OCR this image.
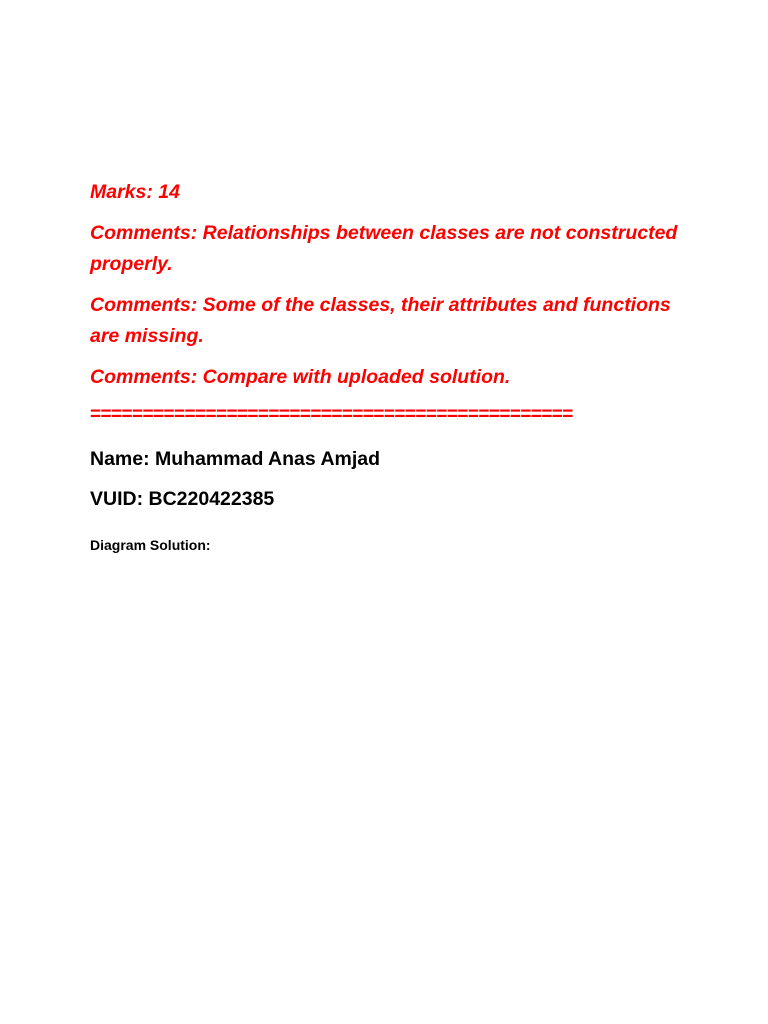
Marks: 14

Comments: Relationships between classes are not constructed properly.

Comments: Some of the classes, their attributes and functions are missing.

Comments: Compare with uploaded solution.

==============================================

Name: Muhammad Anas Amjad

VUID: BC220422385

Diagram Solution:
